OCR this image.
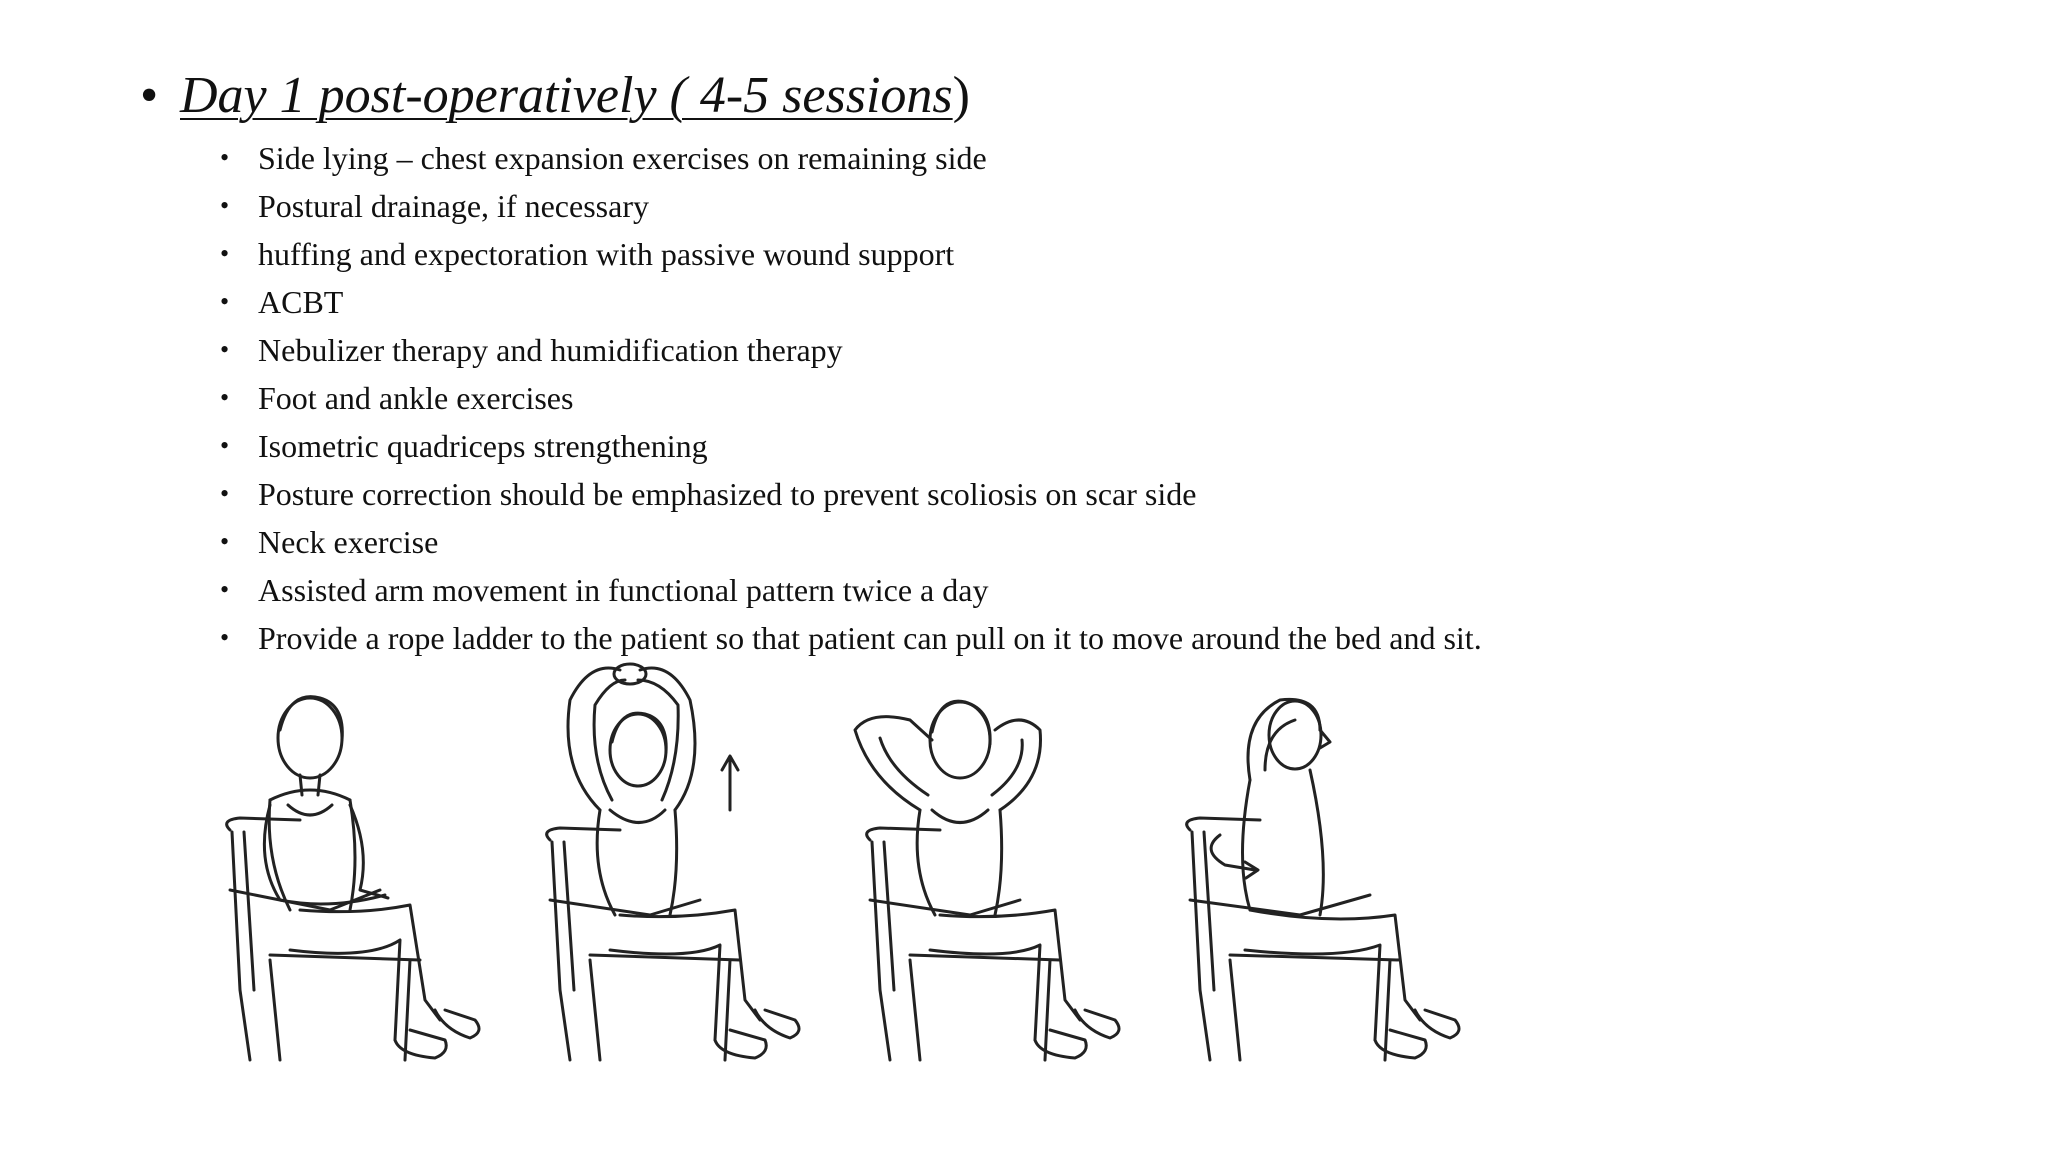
• Day 1 post-operatively ( 4-5 sessions)
• Side lying – chest expansion exercises on remaining side
• Postural drainage, if necessary
• huffing and expectoration with passive wound support
• ACBT
• Nebulizer therapy and humidification therapy
• Foot and ankle exercises
• Isometric quadriceps strengthening
• Posture correction should be emphasized to prevent scoliosis on scar side
• Neck exercise
• Assisted arm movement in functional pattern twice a day
• Provide a rope ladder to the patient so that patient can pull on it to move around the bed and sit.
